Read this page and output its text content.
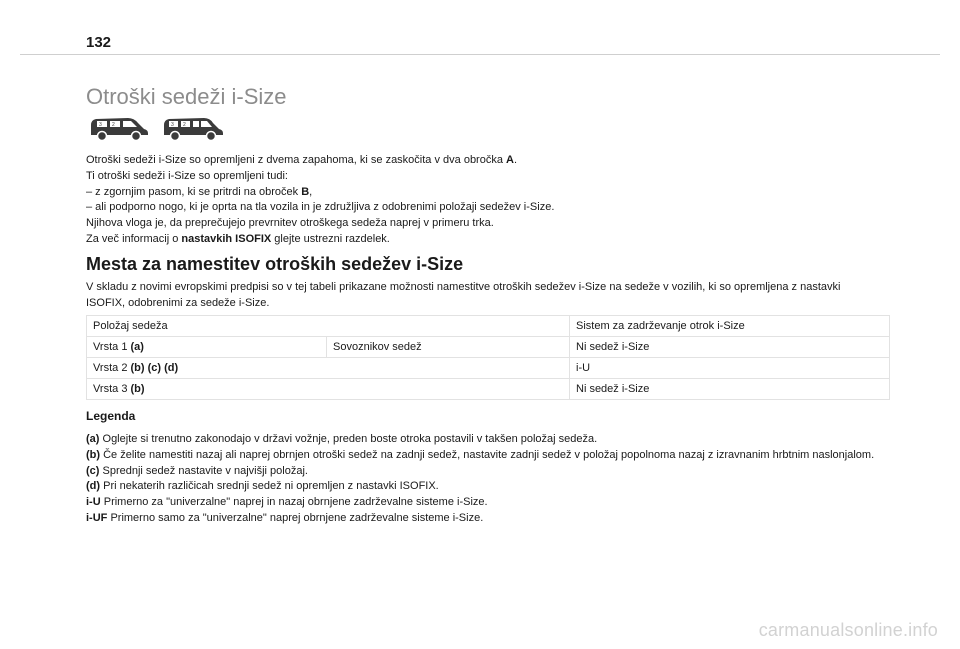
132
Otroški sedeži i-Size
3 2	3 2

Otroški sedeži i-Size so opremljeni z dvema zapahoma, ki se zaskočita v dva obročka A.

Ti otroški sedeži i-Size so opremljeni tudi:

– z zgornjim pasom, ki se pritrdi na obroček B,

– ali podporno nogo, ki je oprta na tla vozila in je združljiva z odobrenimi položaji sedežev i-Size.

Njihova vloga je, da preprečujejo prevrnitev otroškega sedeža naprej v primeru trka.

Za več informacij o nastavkih ISOFIX glejte ustrezni razdelek.

Mesta za namestitev otroških sedežev i-Size
V skladu z novimi evropskimi predpisi so v tej tabeli prikazane možnosti namestitve otroških sedežev i-Size na sedeže v vozilih, ki so opremljena z nastavki ISOFIX, odobrenimi za sedeže i-Size.
Položaj sedeža		Sistem za zadrževanje otrok i-Size
Vrsta 1 (a)	Sovoznikov sedež	Ni sedež i-Size
Vrsta 2 (b) (c) (d)		i-U
Vrsta 3 (b)		Ni sedež i-Size
Legenda

(a) Oglejte si trenutno zakonodajo v državi vožnje, preden boste otroka postavili v takšen položaj sedeža.

(b) Če želite namestiti nazaj ali naprej obrnjen otroški sedež na zadnji sedež, nastavite zadnji sedež v položaj popolnoma nazaj z izravnanim hrbtnim naslonjalom.

(c) Sprednji sedež nastavite v najvišji položaj.

(d) Pri nekaterih različicah srednji sedež ni opremljen z nastavki ISOFIX.

i-U Primerno za "univerzalne" naprej in nazaj obrnjene zadrževalne sisteme i-Size.

i-UF Primerno samo za "univerzalne" naprej obrnjene zadrževalne sisteme i-Size.

carmanualsonline.info
